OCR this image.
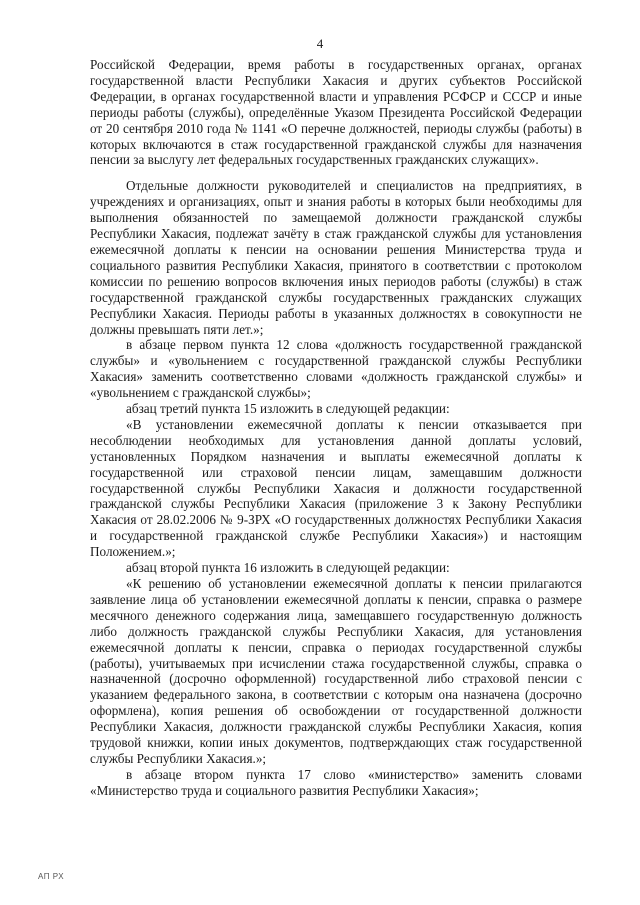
4

Российской Федерации, время работы в государственных органах, органах государственной власти Республики Хакасия и других субъектов Российской Федерации, в органах государственной власти и управления РСФСР и СССР и иные периоды работы (службы), определённые Указом Президента Российской Федерации от 20 сентября 2010 года № 1141 «О перечне должностей, периоды службы (работы) в которых включаются в стаж государственной гражданской службы для назначения пенсии за выслугу лет федеральных государственных гражданских служащих».

Отдельные должности руководителей и специалистов на предприятиях, в учреждениях и организациях, опыт и знания работы в которых были необходимы для выполнения обязанностей по замещаемой должности гражданской службы Республики Хакасия, подлежат зачёту в стаж гражданской службы для установления ежемесячной доплаты к пенсии на основании решения Министерства труда и социального развития Республики Хакасия, принятого в соответствии с протоколом комиссии по решению вопросов включения иных периодов работы (службы) в стаж государственной гражданской службы государственных гражданских служащих Республики Хакасия. Периоды работы в указанных должностях в совокупности не должны превышать пяти лет.»;

в абзаце первом пункта 12 слова «должность государственной гражданской службы» и «увольнением с государственной гражданской службы Республики Хакасия» заменить соответственно словами «должность гражданской службы» и «увольнением с гражданской службы»;

абзац третий пункта 15 изложить в следующей редакции:

«В установлении ежемесячной доплаты к пенсии отказывается при несоблюдении необходимых для установления данной доплаты условий, установленных Порядком назначения и выплаты ежемесячной доплаты к государственной или страховой пенсии лицам, замещавшим должности государственной службы Республики Хакасия и должности государственной гражданской службы Республики Хакасия (приложение 3 к Закону Республики Хакасия от 28.02.2006 № 9-ЗРХ «О государственных должностях Республики Хакасия и государственной гражданской службе Республики Хакасия») и настоящим Положением.»;

абзац второй пункта 16 изложить в следующей редакции:

«К решению об установлении ежемесячной доплаты к пенсии прилагаются заявление лица об установлении ежемесячной доплаты к пенсии, справка о размере месячного денежного содержания лица, замещавшего государственную должность либо должность гражданской службы Республики Хакасия, для установления ежемесячной доплаты к пенсии, справка о периодах государственной службы (работы), учитываемых при исчислении стажа государственной службы, справка о назначенной (досрочно оформленной) государственной либо страховой пенсии с указанием федерального закона, в соответствии с которым она назначена (досрочно оформлена), копия решения об освобождении от государственной должности Республики Хакасия, должности гражданской службы Республики Хакасия, копия трудовой книжки, копии иных документов, подтверждающих стаж государственной службы Республики Хакасия.»;

в абзаце втором пункта 17 слово «министерство» заменить словами «Министерство труда и социального развития Республики Хакасия»;

АП РХ
